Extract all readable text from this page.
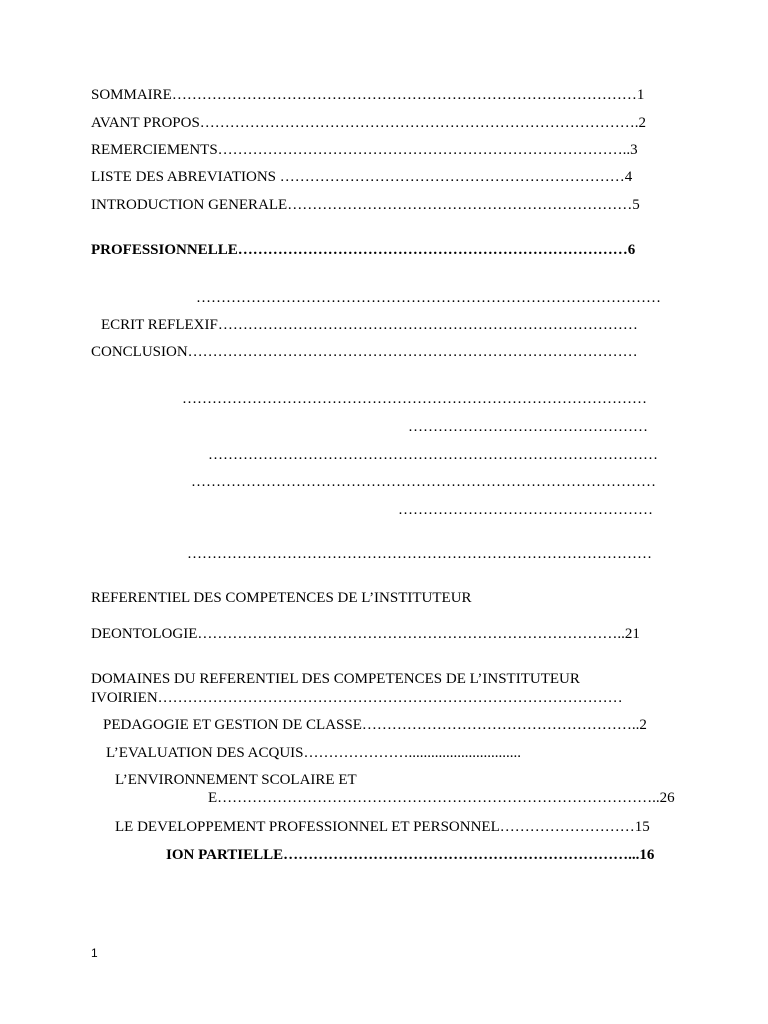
SOMMAIRE…………………………………………………………………………………1
AVANT PROPOS…………………………………………………………………………….2
REMERCIEMENTS………………………………………………………………………..3
LISTE DES ABREVIATIONS ……………………………………………………………4
INTRODUCTION GENERALE……………………………………………………………5
PROFESSIONNELLE……………………………………………………………………6
…………………………………………………………………………………
ECRIT REFLEXIF…………………………………………………………………………
CONCLUSION………………………………………………………………………………
…………………………………………………………………………………
…………………………………………
………………………………………………………………………………
…………………………………………………………………………………
……………………………………………
…………………………………………………………………………………
REFERENTIEL DES COMPETENCES DE L’INSTITUTEUR
DEONTOLOGIE…………………………………………………………………………..21
DOMAINES DU REFERENTIEL DES COMPETENCES DE L’INSTITUTEUR
IVOIRIEN…………………………………………………………………………………
PEDAGOGIE ET GESTION DE CLASSE………………………………………………..2
L’EVALUATION DES ACQUIS…………………..............................
L’ENVIRONNEMENT SCOLAIRE ET
E……………………………………………………………………………..26
LE DEVELOPPEMENT PROFESSIONNEL ET PERSONNEL………………………15
ION PARTIELLE……………………………………………………………...16
1
